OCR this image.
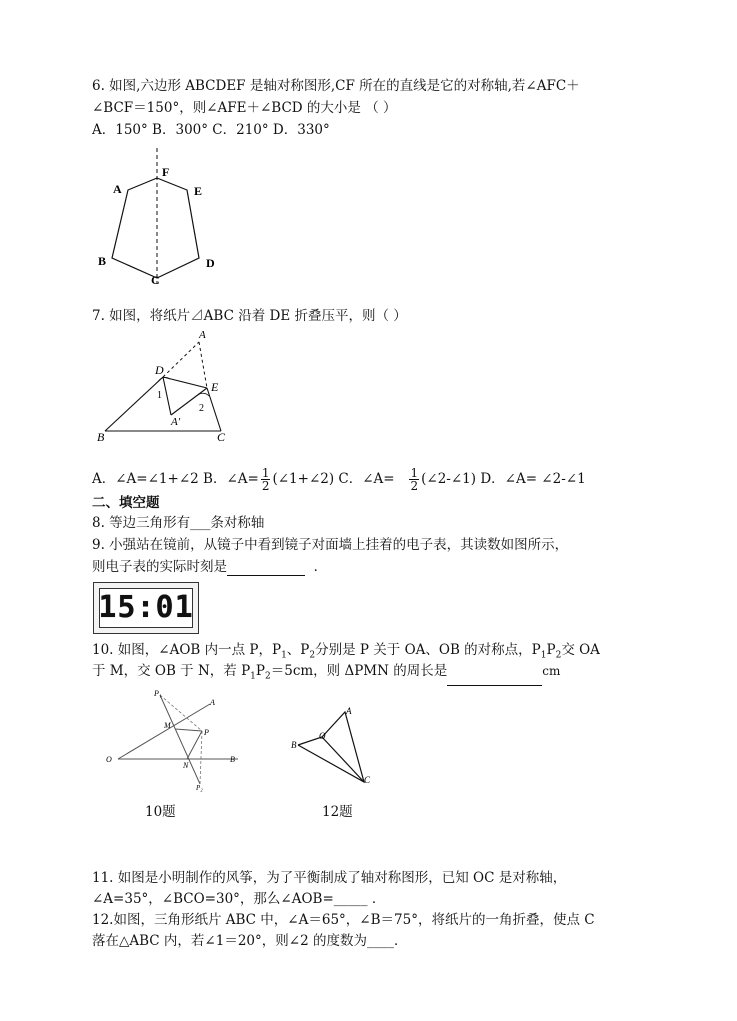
6. 如图,六边形 ABCDEF 是轴对称图形,CF 所在的直线是它的对称轴,若∠AFC＋
∠BCF＝150°，则∠AFE＋∠BCD 的大小是 （ ）
A．150° B．300° C．210° D．330°
A
F
E
B
C
D
7. 如图，将纸片⊿ABC 沿着 DE 折叠压平，则（ ）
A
D
E
1
2
A′
B	C
A．∠A=∠1+∠2 B．∠A= $\frac{1}{2}$ (∠1+∠2) C．∠A= $\frac{1}{2}$ (∠2-∠1) D．∠A= ∠2-∠1
二、填空题
8. 等边三角形有___条对称轴
9. 小强站在镜前，从镜子中看到镜子对面墙上挂着的电子表，其读数如图所示，
则电子表的实际时刻是	．
15:01
10. 如图，∠AOB 内一点 P，$P_1$、$P_2$分别是 P 关于 OA、OB 的对称点，$P_1P_2$交 OA
于 M，交 OB 于 N，若 $P_1P_2=5cm$，则 ΔPMN 的周长是	cm
P₁
M
P
N
O
A
B
P₂
A
O
B
C
10题	12题
11. 如图是小明制作的风筝，为了平衡制成了轴对称图形，已知 OC 是对称轴，
∠A=35°，∠BCO=30°，那么∠AOB=_____ ．
12.如图，三角形纸片 ABC 中，∠A＝65°，∠B＝75°，将纸片的一角折叠，使点 C
落在△ABC 内，若∠1＝20°，则∠2 的度数为____．
